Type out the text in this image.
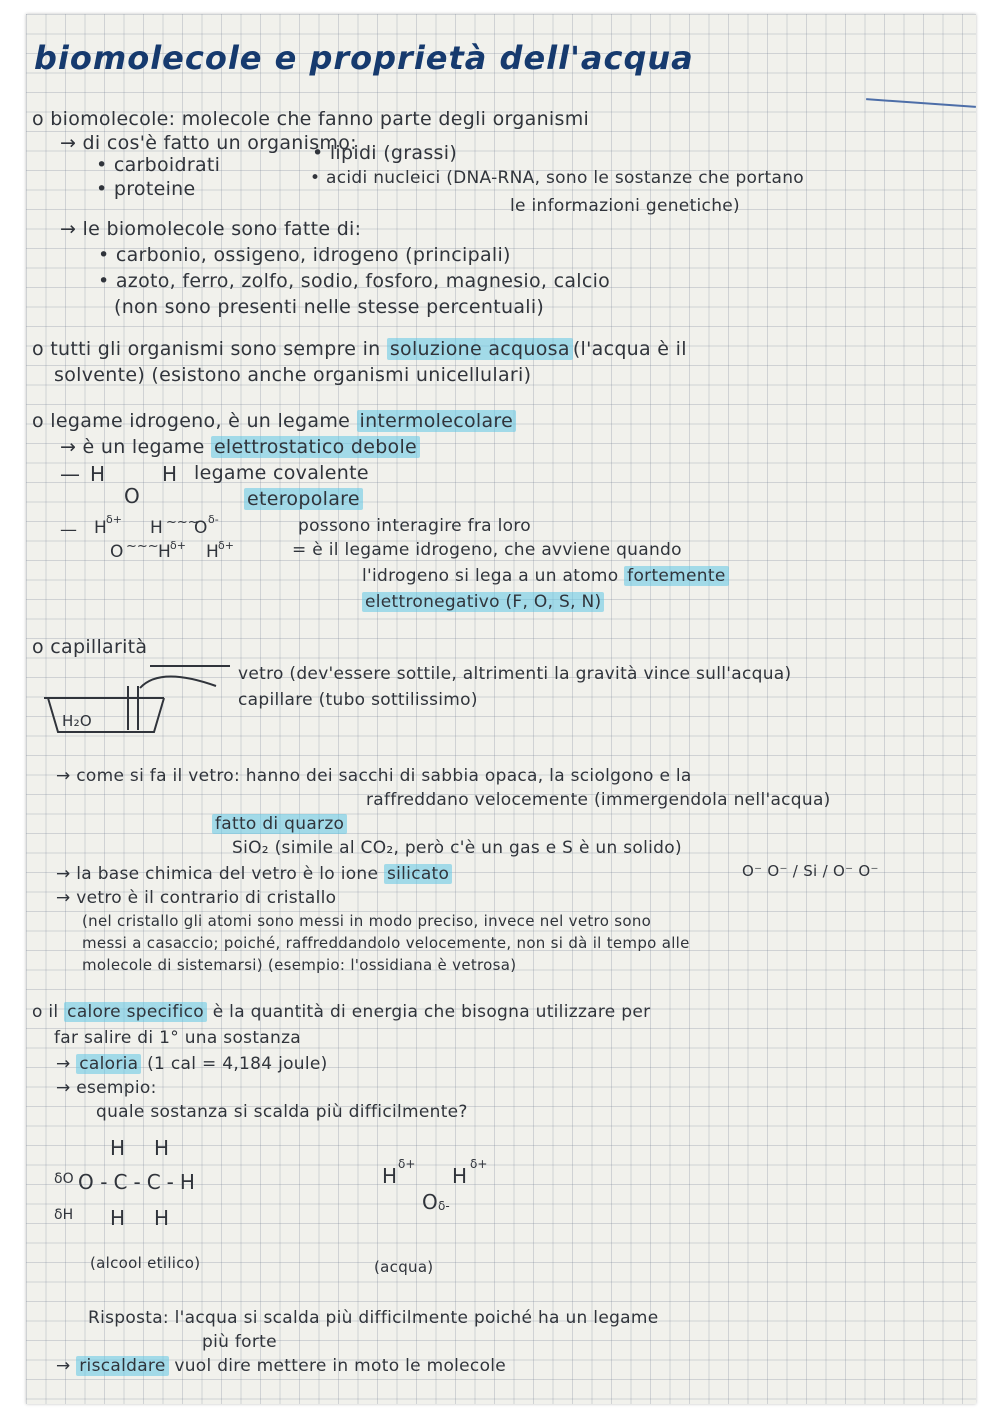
biomolecole e proprietà dell'acqua
o biomolecole: molecole che fanno parte degli organismi
→ di cos'è fatto un organismo:
• carboidrati
• lipidi (grassi)
• proteine	• acidi nucleici (DNA-RNA, sono le sostanze che portano
le informazioni genetiche)
→ le biomolecole sono fatte di:
• carbonio, ossigeno, idrogeno (principali)
• azoto, ferro, zolfo, sodio, fosforo, magnesio, calcio
(non sono presenti nelle stesse percentuali)
o tutti gli organismi sono sempre in soluzione acquosa (l'acqua è il
solvente) (esistono anche organismi unicellulari)
o legame idrogeno, è un legame intermolecolare
→ è un legame elettrostatico debole
— H	H
O
legame covalente
eteropolare
— H δ+ H ~~~
O δ-
O ~~~ H δ+ H δ+
possono interagire fra loro
= è il legame idrogeno, che avviene quando
l'idrogeno si lega a un atomo fortemente
elettronegativo (F, O, S, N)
o capillarità
H₂O
vetro (dev'essere sottile, altrimenti la gravità vince sull'acqua)
capillare (tubo sottilissimo)
→ come si fa il vetro: hanno dei sacchi di sabbia opaca, la sciolgono e la
raffreddano velocemente (immergendola nell'acqua)
fatto di quarzo
SiO₂ (simile al CO₂, però c'è un gas e S è un solido)
→ la base chimica del vetro è lo ione silicato	O⁻ O⁻ / Si / O⁻ O⁻
→ vetro è il contrario di cristallo
(nel cristallo gli atomi sono messi in modo preciso, invece nel vetro sono
messi a casaccio; poiché, raffreddandolo velocemente, non si dà il tempo alle
molecole di sistemarsi) (esempio: l'ossidiana è vetrosa)
o il calore specifico è la quantità di energia che bisogna utilizzare per
far salire di 1° una sostanza
→ caloria (1 cal = 4,184 joule)
→ esempio:
quale sostanza si scalda più difficilmente?
H H
δO O-C-C-H
δH H H
(alcool etilico)
H δ+ H δ+
O δ-
(acqua)
Risposta: l'acqua si scalda più difficilmente poiché ha un legame
più forte
→ riscaldare vuol dire mettere in moto le molecole
